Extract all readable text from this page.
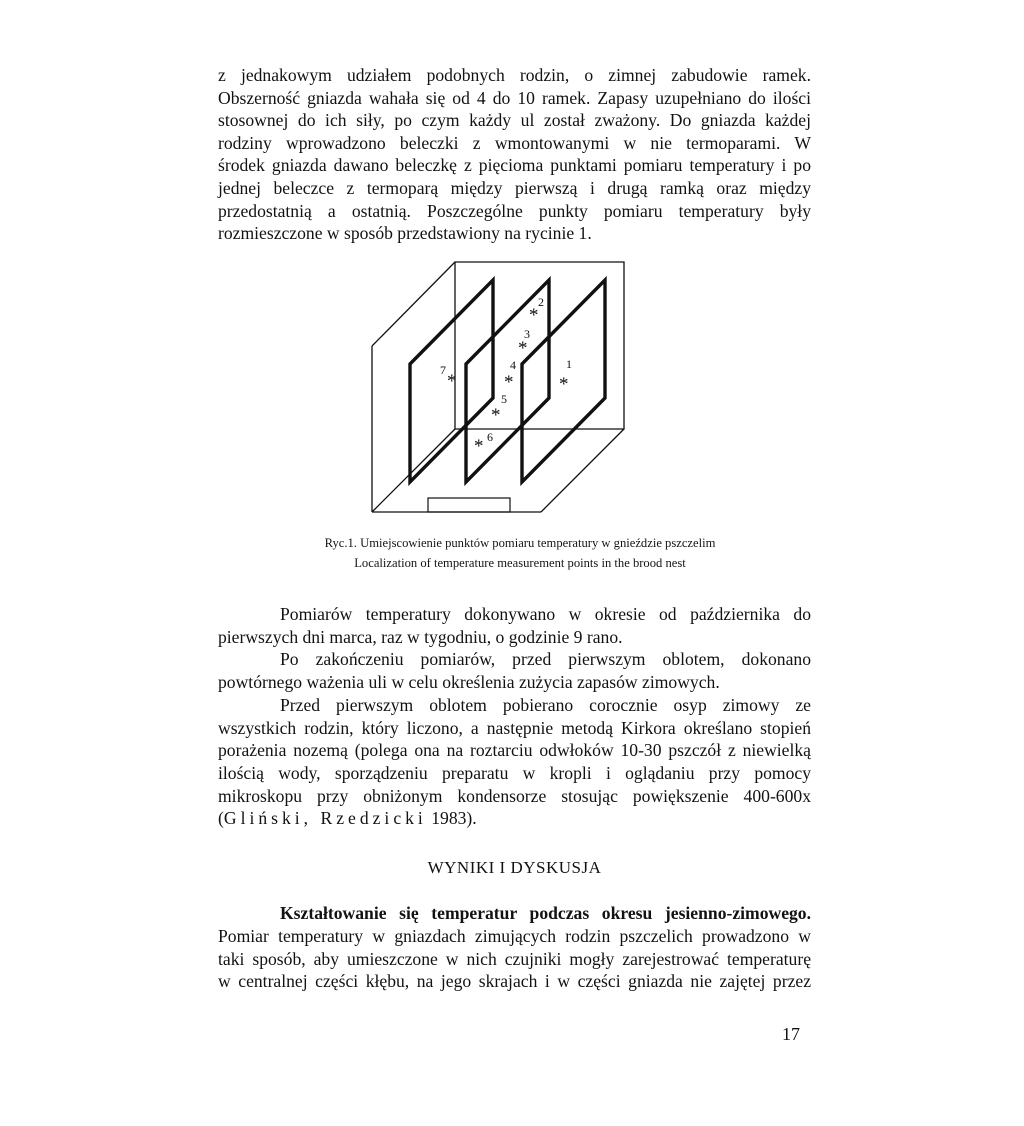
z jednakowym udziałem podobnych rodzin, o zimnej zabudowie ramek.
Obszerność gniazda wahała się od 4 do 10 ramek. Zapasy uzupełniano do ilości
stosownej do ich siły, po czym każdy ul został zważony. Do gniazda każdej
rodziny wprowadzono beleczki z wmontowanymi w nie termoparami. W
środek gniazda dawano beleczkę z pięcioma punktami pomiaru temperatury i po
jednej beleczce z termoparą między pierwszą i drugą ramką oraz między
przedostatnią a ostatnią. Poszczególne punkty pomiaru temperatury były
rozmieszczone w sposób przedstawiony na rycinie 1.
*
1
*
2
*
3
*
4
*
5
* 6
*
7
Ryc.1. Umiejscowienie punktów pomiaru temperatury w gnieździe pszczelim
Localization of temperature measurement points in the brood nest
Pomiarów temperatury dokonywano w okresie od października do
pierwszych dni marca, raz w tygodniu, o godzinie 9 rano.
Po zakończeniu pomiarów, przed pierwszym oblotem, dokonano
powtórnego ważenia uli w celu określenia zużycia zapasów zimowych.
Przed pierwszym oblotem pobierano corocznie osyp zimowy ze
wszystkich rodzin, który liczono, a następnie metodą Kirkora określano stopień
porażenia nozemą (polega ona na roztarciu odwłoków 10-30 pszczół z niewielką
ilością wody, sporządzeniu preparatu w kropli i oglądaniu przy pomocy
mikroskopu przy obniżonym kondensorze stosując powiększenie 400-600x
(Gliński, Rzedzicki 1983).
WYNIKI I DYSKUSJA
Kształtowanie się temperatur podczas okresu jesienno-zimowego.
Pomiar temperatury w gniazdach zimujących rodzin pszczelich prowadzono w
taki sposób, aby umieszczone w nich czujniki mogły zarejestrować temperaturę
w centralnej części kłębu, na jego skrajach i w części gniazda nie zajętej przez
17
